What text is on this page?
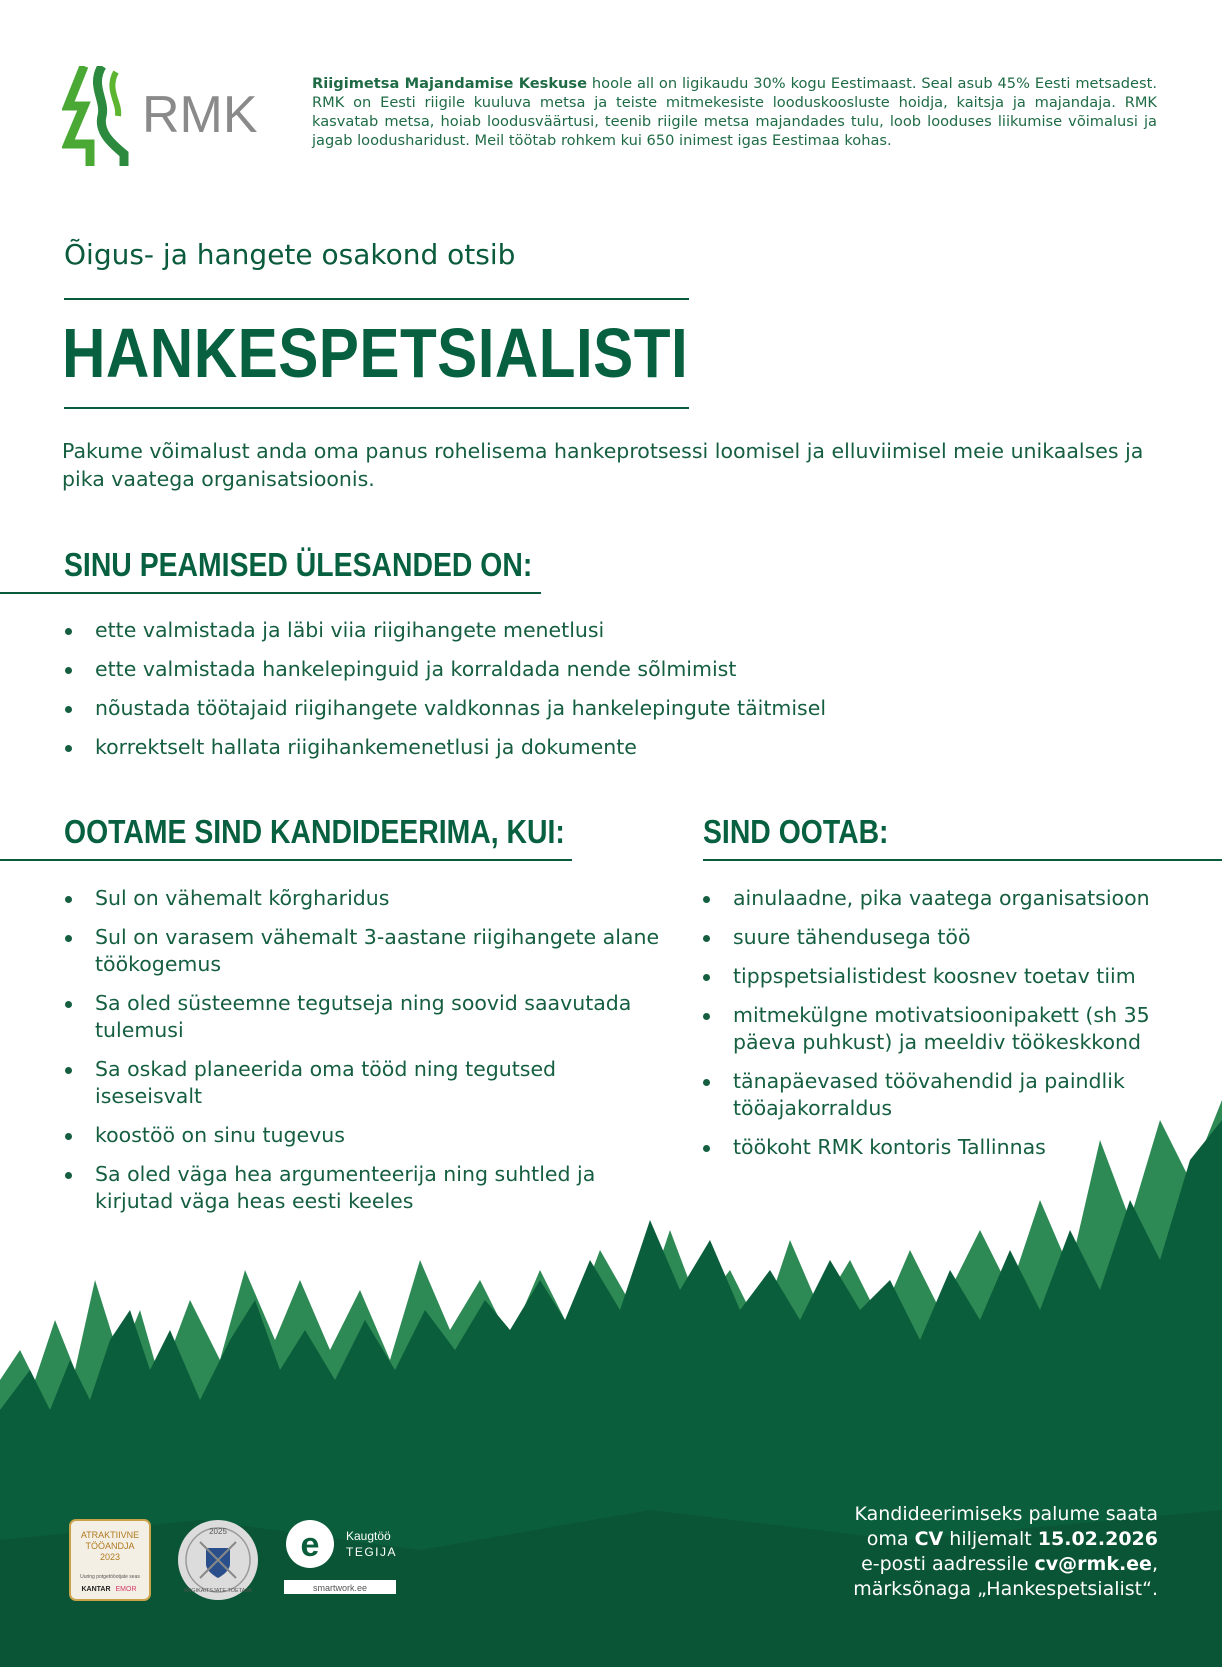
RMK
Riigimetsa Majandamise Keskuse hoole all on ligikaudu 30% kogu Eestimaast. Seal asub 45% Eesti metsadest. RMK on Eesti riigile kuuluva metsa ja teiste mitmekesiste looduskoosluste hoidja, kaitsja ja majandaja. RMK kasvatab metsa, hoiab loodusväärtusi, teenib riigile metsa majandades tulu, loob looduses liikumise võimalusi ja jagab loodusharidust. Meil töötab rohkem kui 650 inimest igas Eestimaa kohas.
Õigus- ja hangete osakond otsib
HANKESPETSIALISTI
Pakume võimalust anda oma panus rohelisema hankeprotsessi loomisel ja elluviimisel meie unikaalses ja pika vaatega organisatsioonis.
SINU PEAMISED ÜLESANDED ON:
ette valmistada ja läbi viia riigihangete menetlusi
ette valmistada hankelepinguid ja korraldada nende sõlmimist
nõustada töötajaid riigihangete valdkonnas ja hankelepingute täitmisel
korrektselt hallata riigihankemenetlusi ja dokumente
OOTAME SIND KANDIDEERIMA, KUI:
Sul on vähemalt kõrgharidus
Sul on varasem vähemalt 3-aastane riigihangete alane töökogemus
Sa oled süsteemne tegutseja ning soovid saavutada tulemusi
Sa oskad planeerida oma tööd ning tegutsed iseseisvalt
koostöö on sinu tugevus
Sa oled väga hea argumenteerija ning suhtled ja kirjutad väga heas eesti keeles
SIND OOTAB:
ainulaadne, pika vaatega organisatsioon
suure tähendusega töö
tippspetsialistidest koosnev toetav tiim
mitmekülgne motivatsioonipakett (sh 35 päeva puhkust) ja meeldiv töökeskkond
tänapäevased töövahendid ja paindlik tööajakorraldus
töökoht RMK kontoris Tallinnas
ATRAKTIIVNE
TÖÖANDJA
2023
Uuring potgetööotjate seas
KANTAR EMOR
2025
RIIGIKAITSJATE TOETAJA
e Kaugtöö
TEGIJA
smartwork.ee
Kandideerimiseks palume saata
oma CV hiljemalt 15.02.2026
e-posti aadressile cv@rmk.ee,
märksõnaga „Hankespetsialist“.
